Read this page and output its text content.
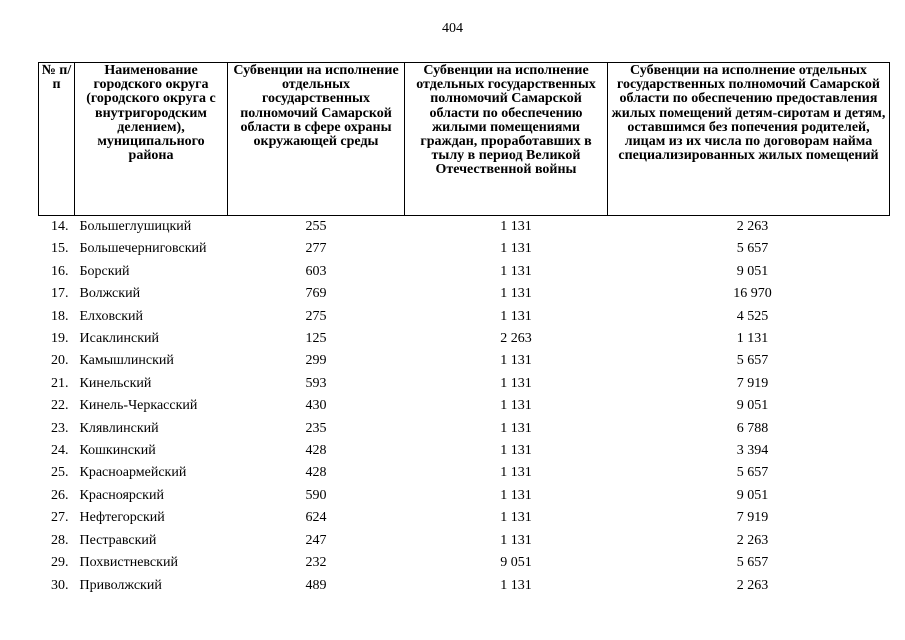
404
№ п/п	Наименование городского округа (городского округа с внутригородским делением), муниципального района	Субвенции на исполнение отдельных государственных полномочий Самарской области в сфере охраны окружающей среды	Субвенции на исполнение отдельных государственных полномочий Самарской области по обеспечению жилыми помещениями граждан, проработавших в тылу в период Великой Отечественной войны	Субвенции на исполнение отдельных государственных полномочий Самарской области по обеспечению предоставления жилых помещений детям-сиротам и детям, оставшимся без попечения родителей, лицам из их числа по договорам найма специализированных жилых помещений
14.	Большеглушицкий	255	1 131	2 263
15.	Большечерниговский	277	1 131	5 657
16.	Борский	603	1 131	9 051
17.	Волжский	769	1 131	16 970
18.	Елховский	275	1 131	4 525
19.	Исаклинский	125	2 263	1 131
20.	Камышлинский	299	1 131	5 657
21.	Кинельский	593	1 131	7 919
22.	Кинель-Черкасский	430	1 131	9 051
23.	Клявлинский	235	1 131	6 788
24.	Кошкинский	428	1 131	3 394
25.	Красноармейский	428	1 131	5 657
26.	Красноярский	590	1 131	9 051
27.	Нефтегорский	624	1 131	7 919
28.	Пестравский	247	1 131	2 263
29.	Похвистневский	232	9 051	5 657
30.	Приволжский	489	1 131	2 263
